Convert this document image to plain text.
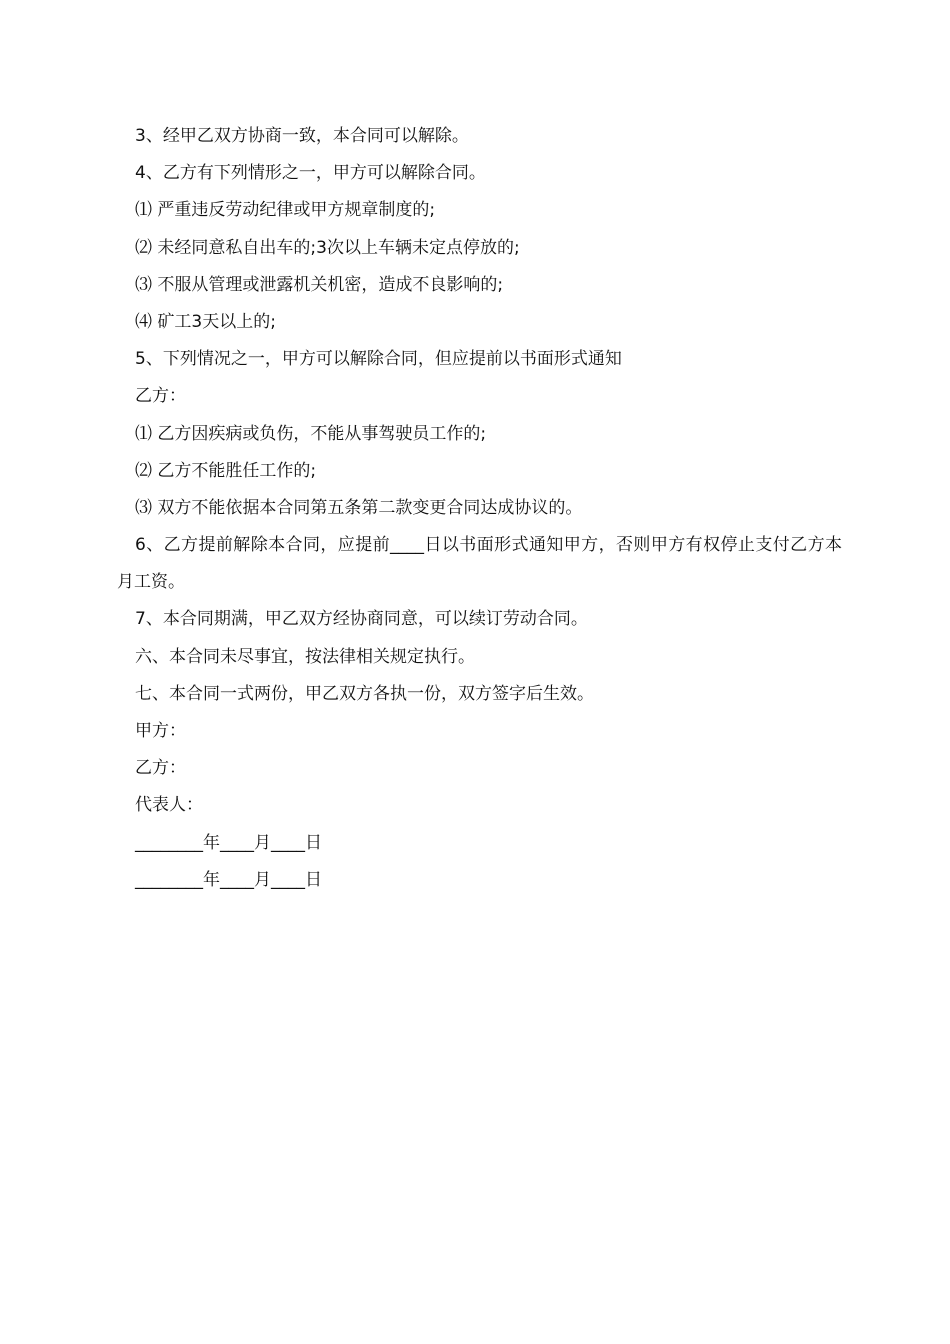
3、经甲乙双方协商一致，本合同可以解除。
4、乙方有下列情形之一，甲方可以解除合同。
⑴ 严重违反劳动纪律或甲方规章制度的;
⑵ 未经同意私自出车的;3次以上车辆未定点停放的;
⑶ 不服从管理或泄露机关机密，造成不良影响的;
⑷ 矿工3天以上的;
5、下列情况之一，甲方可以解除合同，但应提前以书面形式通知
乙方：
⑴ 乙方因疾病或负伤，不能从事驾驶员工作的;
⑵ 乙方不能胜任工作的;
⑶ 双方不能依据本合同第五条第二款变更合同达成协议的。
6、乙方提前解除本合同，应提前____日以书面形式通知甲方，否则甲方有权停止支付乙方本月工资。
7、本合同期满，甲乙双方经协商同意，可以续订劳动合同。
六、本合同未尽事宜，按法律相关规定执行。
七、本合同一式两份，甲乙双方各执一份，双方签字后生效。
甲方：
乙方：
代表人：
________年____月____日
________年____月____日
